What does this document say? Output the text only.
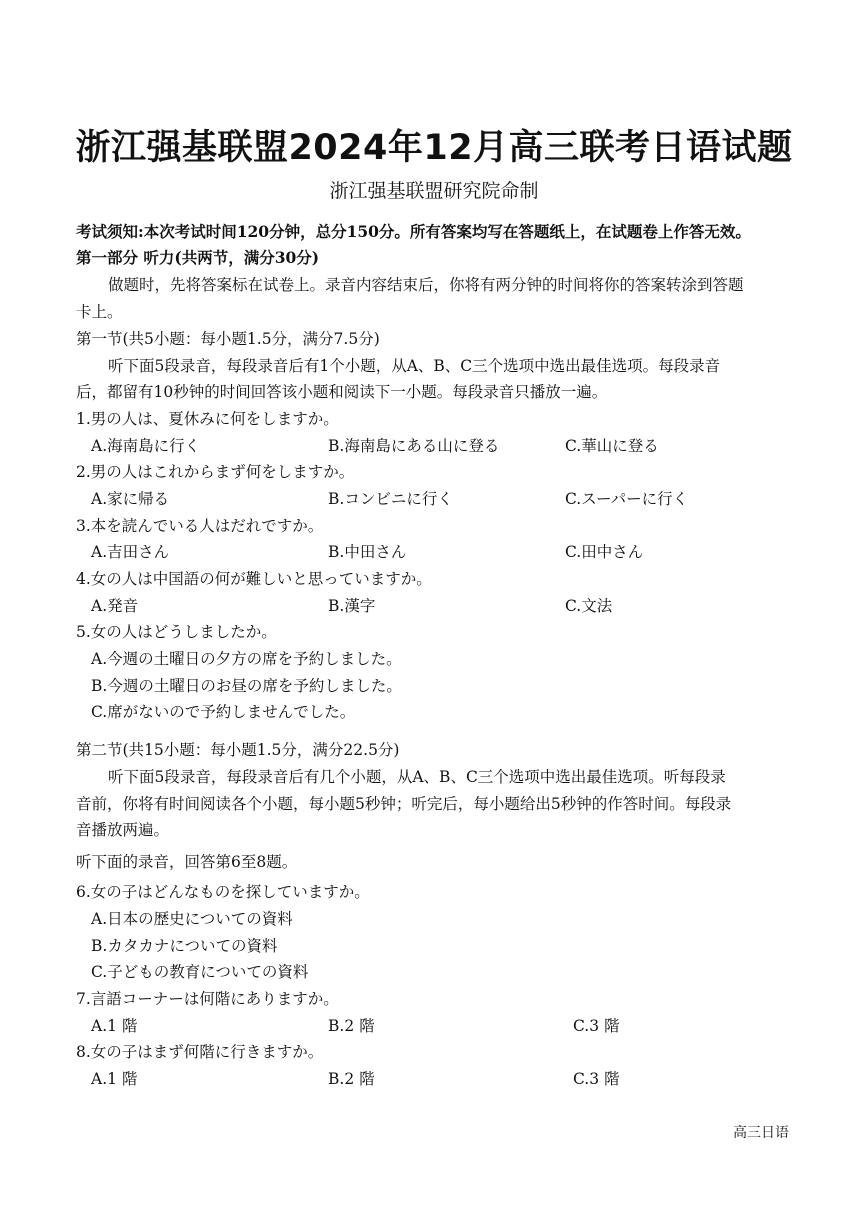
浙江强基联盟2024年12月高三联考日语试题
浙江强基联盟研究院命制
考试须知:本次考试时间120分钟，总分150分。所有答案均写在答题纸上，在试题卷上作答无效。
第一部分 听力(共两节，满分30分)
做题时，先将答案标在试卷上。录音内容结束后，你将有两分钟的时间将你的答案转涂到答题
卡上。
第一节(共5小题：每小题1.5分，满分7.5分)
听下面5段录音，每段录音后有1个小题，从A、B、C三个选项中选出最佳选项。每段录音
后，都留有10秒钟的时间回答该小题和阅读下一小题。每段录音只播放一遍。
1.男の人は、夏休みに何をしますか。
A.海南島に行く	B.海南島にある山に登る	C.華山に登る
2.男の人はこれからまず何をしますか。
A.家に帰る	B.コンビニに行く	C.スーパーに行く
3.本を読んでいる人はだれですか。
A.吉田さん	B.中田さん	C.田中さん
4.女の人は中国語の何が難しいと思っていますか。
A.発音	B.漢字	C.文法
5.女の人はどうしましたか。
A.今週の土曜日の夕方の席を予約しました。
B.今週の土曜日のお昼の席を予約しました。
C.席がないので予約しませんでした。
第二节(共15小题：每小题1.5分，满分22.5分)
听下面5段录音，每段录音后有几个小题，从A、B、C三个选项中选出最佳选项。听每段录
音前，你将有时间阅读各个小题，每小题5秒钟；听完后，每小题给出5秒钟的作答时间。每段录
音播放两遍。
听下面的录音，回答第6至8题。
6.女の子はどんなものを探していますか。
A.日本の歴史についての資料
B.カタカナについての資料
C.子どもの教育についての資料
7.言語コーナーは何階にありますか。
A.1 階	B.2 階	C.3 階
8.女の子はまず何階に行きますか。
A.1 階	B.2 階	C.3 階
高三日语
